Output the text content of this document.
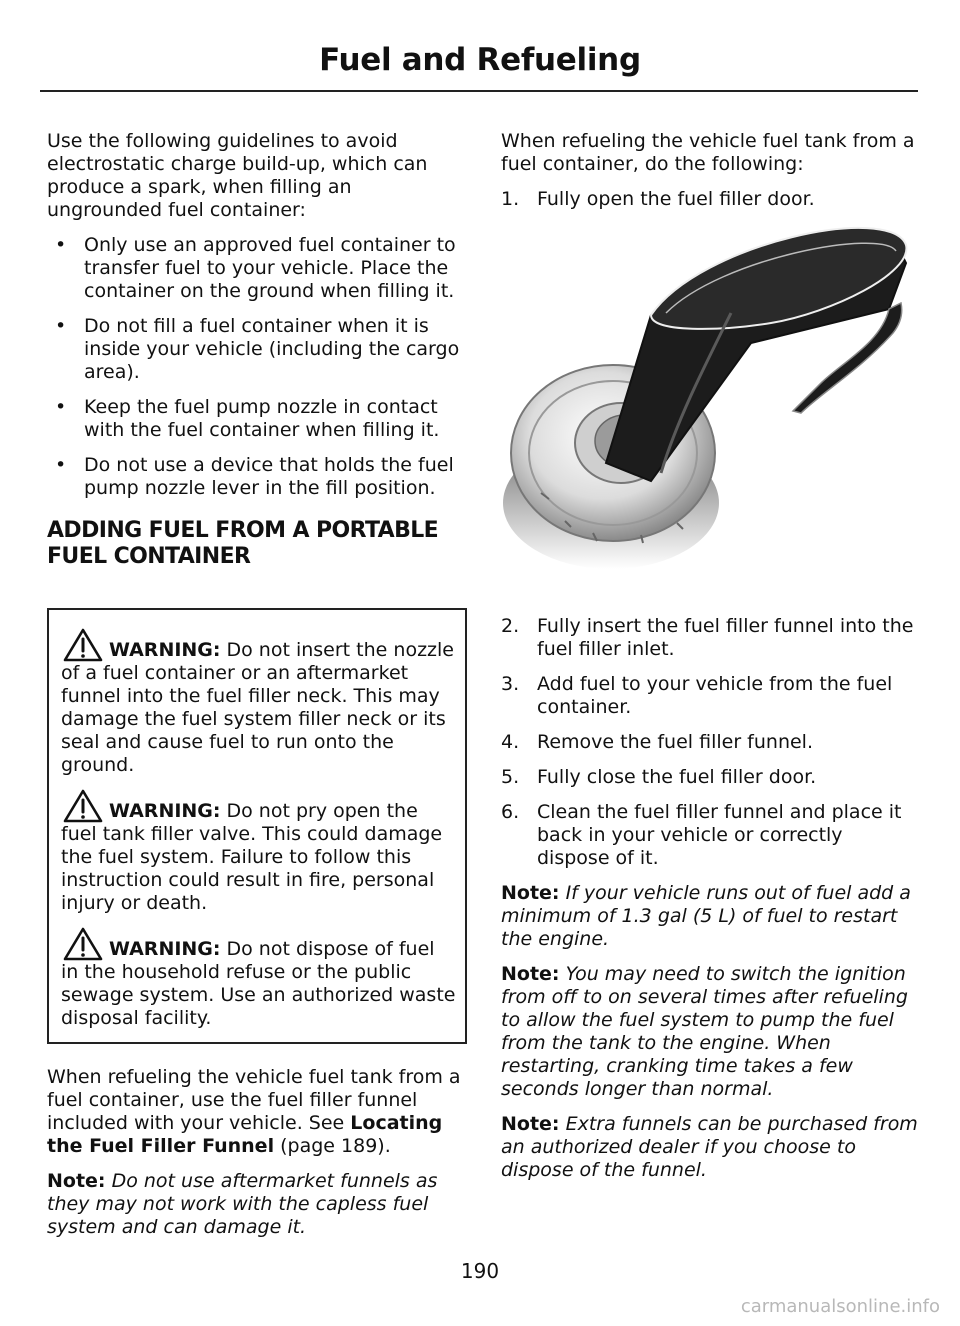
Fuel and Refueling

Use the following guidelines to avoid electrostatic charge build-up, which can produce a spark, when filling an ungrounded fuel container:

• Only use an approved fuel container to transfer fuel to your vehicle. Place the container on the ground when filling it.
• Do not fill a fuel container when it is inside your vehicle (including the cargo area).
• Keep the fuel pump nozzle in contact with the fuel container when filling it.
• Do not use a device that holds the fuel pump nozzle lever in the fill position.
ADDING FUEL FROM A PORTABLE FUEL CONTAINER
WARNING: Do not insert the nozzle
of a fuel container or an aftermarket funnel into the fuel filler neck. This may damage the fuel system filler neck or its seal and cause fuel to run onto the ground.
WARNING: Do not pry open the
fuel tank filler valve. This could damage the fuel system. Failure to follow this instruction could result in fire, personal injury or death.
WARNING: Do not dispose of fuel
in the household refuse or the public sewage system. Use an authorized waste disposal facility.

When refueling the vehicle fuel tank from a fuel container, use the fuel filler funnel included with your vehicle. See Locating the Fuel Filler Funnel (page 189).

Note: Do not use aftermarket funnels as they may not work with the capless fuel system and can damage it.

When refueling the vehicle fuel tank from a fuel container, do the following:

1. Fully open the fuel filler door.
2. Fully insert the fuel filler funnel into the fuel filler inlet.
3. Add fuel to your vehicle from the fuel container.
4. Remove the fuel filler funnel.
5. Fully close the fuel filler door.
6. Clean the fuel filler funnel and place it back in your vehicle or correctly dispose of it.

Note: If your vehicle runs out of fuel add a minimum of 1.3 gal (5 L) of fuel to restart the engine.

Note: You may need to switch the ignition from off to on several times after refueling to allow the fuel system to pump the fuel from the tank to the engine. When restarting, cranking time takes a few seconds longer than normal.

Note: Extra funnels can be purchased from an authorized dealer if you choose to dispose of the funnel.

190
carmanualsonline.info
